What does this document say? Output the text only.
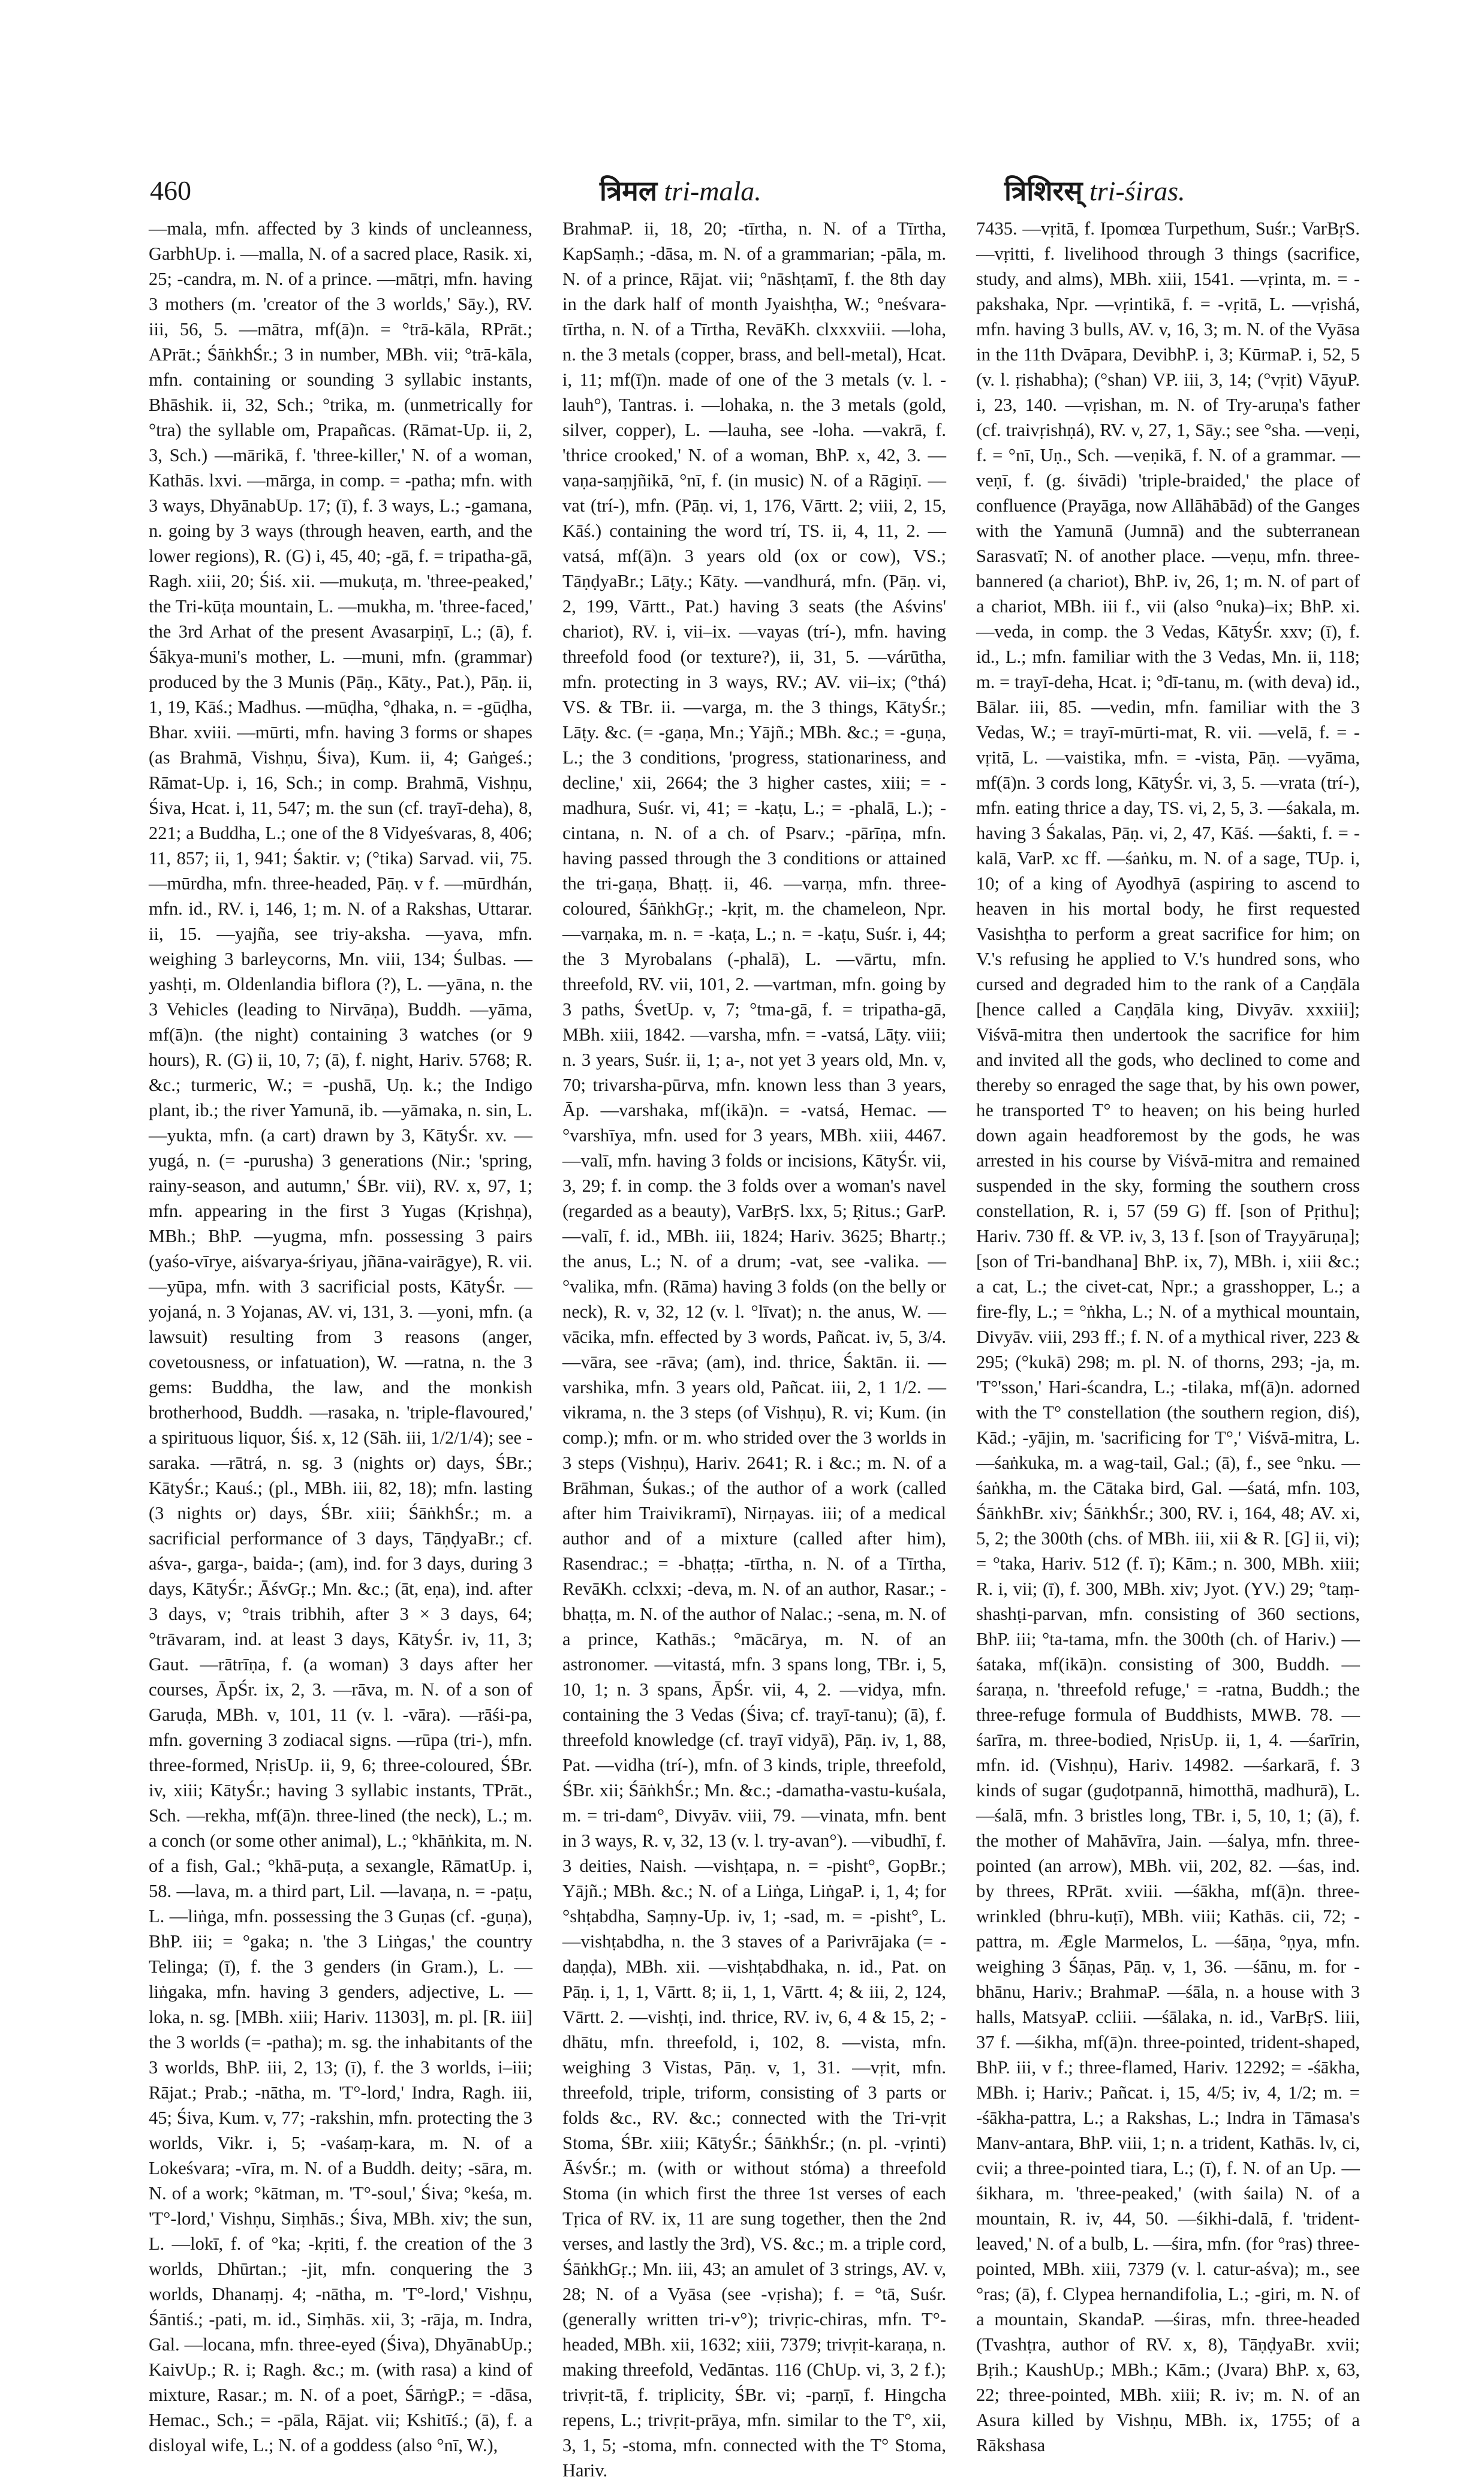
460	त्रिमल tri-mala.	त्रिशिरस् tri-śiras.

—mala, mfn. affected by 3 kinds of uncleanness, GarbhUp. i. —malla, N. of a sacred place, Rasik. xi, 25; -candra, m. N. of a prince. —mātṛi, mfn. having 3 mothers (m. 'creator of the 3 worlds,' Sāy.), RV. iii, 56, 5. —mātra, mf(ā)n. = °trā-kāla, RPrāt.; APrāt.; ŚāṅkhŚr.; 3 in number, MBh. vii; °trā-kāla, mfn. containing or sounding 3 syllabic instants, Bhāshik. ii, 32, Sch.; °trika, m. (unmetrically for °tra) the syllable om, Prapañcas. (Rāmat-Up. ii, 2, 3, Sch.) —mārikā, f. 'three-killer,' N. of a woman, Kathās. lxvi. —mārga, in comp. = -patha; mfn. with 3 ways, DhyānabUp. 17; (ī), f. 3 ways, L.; -gamana, n. going by 3 ways (through heaven, earth, and the lower regions), R. (G) i, 45, 40; -gā, f. = tripatha-gā, Ragh. xiii, 20; Śiś. xii. —mukuṭa, m. 'three-peaked,' the Tri-kūṭa mountain, L. —mukha, m. 'three-faced,' the 3rd Arhat of the present Avasarpiṇī, L.; (ā), f. Śākya-muni's mother, L. —muni, mfn. (grammar) produced by the 3 Munis (Pāṇ., Kāty., Pat.), Pāṇ. ii, 1, 19, Kāś.; Madhus. —mūḍha, °ḍhaka, n. = -gūḍha, Bhar. xviii. —mūrti, mfn. having 3 forms or shapes (as Brahmā, Vishṇu, Śiva), Kum. ii, 4; Gaṅgeś.; Rāmat-Up. i, 16, Sch.; in comp. Brahmā, Vishṇu, Śiva, Hcat. i, 11, 547; m. the sun (cf. trayī-deha), 8, 221; a Buddha, L.; one of the 8 Vidyeśvaras, 8, 406; 11, 857; ii, 1, 941; Śaktir. v; (°tika) Sarvad. vii, 75. —mūrdha, mfn. three-headed, Pāṇ. v f. —mūrdhán, mfn. id., RV. i, 146, 1; m. N. of a Rakshas, Uttarar. ii, 15. —yajña, see triy-aksha. —yava, mfn. weighing 3 barleycorns, Mn. viii, 134; Śulbas. —yashṭi, m. Oldenlandia biflora (?), L. —yāna, n. the 3 Vehicles (leading to Nirvāṇa), Buddh. —yāma, mf(ā)n. (the night) containing 3 watches (or 9 hours), R. (G) ii, 10, 7; (ā), f. night, Hariv. 5768; R. &c.; turmeric, W.; = -pushā, Uṇ. k.; the Indigo plant, ib.; the river Yamunā, ib. —yāmaka, n. sin, L. —yukta, mfn. (a cart) drawn by 3, KātyŚr. xv. —yugá, n. (= -purusha) 3 generations (Nir.; 'spring, rainy-season, and autumn,' ŚBr. vii), RV. x, 97, 1; mfn. appearing in the first 3 Yugas (Kṛishṇa), MBh.; BhP. —yugma, mfn. possessing 3 pairs (yaśo-vīrye, aiśvarya-śriyau, jñāna-vairāgye), R. vii. —yūpa, mfn. with 3 sacrificial posts, KātyŚr. —yojaná, n. 3 Yojanas, AV. vi, 131, 3. —yoni, mfn. (a lawsuit) resulting from 3 reasons (anger, covetousness, or infatuation), W. —ratna, n. the 3 gems: Buddha, the law, and the monkish brotherhood, Buddh. —rasaka, n. 'triple-flavoured,' a spirituous liquor, Śiś. x, 12 (Sāh. iii, 1/2/1/4); see -saraka. —rātrá, n. sg. 3 (nights or) days, ŚBr.; KātyŚr.; Kauś.; (pl., MBh. iii, 82, 18); mfn. lasting (3 nights or) days, ŚBr. xiii; ŚāṅkhŚr.; m. a sacrificial performance of 3 days, TāṇḍyaBr.; cf. aśva-, garga-, baida-; (am), ind. for 3 days, during 3 days, KātyŚr.; ĀśvGṛ.; Mn. &c.; (āt, eṇa), ind. after 3 days, v; °trais tribhih, after 3 × 3 days, 64; °trāvaram, ind. at least 3 days, KātyŚr. iv, 11, 3; Gaut. —rātrīṇa, f. (a woman) 3 days after her courses, ĀpŚr. ix, 2, 3. —rāva, m. N. of a son of Garuḍa, MBh. v, 101, 11 (v. l. -vāra). —rāśi-pa, mfn. governing 3 zodiacal signs. —rūpa (tri-), mfn. three-formed, NṛisUp. ii, 9, 6; three-coloured, ŚBr. iv, xiii; KātyŚr.; having 3 syllabic instants, TPrāt., Sch. —rekha, mf(ā)n. three-lined (the neck), L.; m. a conch (or some other animal), L.; °khāṅkita, m. N. of a fish, Gal.; °khā-puṭa, a sexangle, RāmatUp. i, 58. —lava, m. a third part, Lil. —lavaṇa, n. = -paṭu, L. —liṅga, mfn. possessing the 3 Guṇas (cf. -guṇa), BhP. iii; = °gaka; n. 'the 3 Liṅgas,' the country Telinga; (ī), f. the 3 genders (in Gram.), L. —liṅgaka, mfn. having 3 genders, adjective, L. —loka, n. sg. [MBh. xiii; Hariv. 11303], m. pl. [R. iii] the 3 worlds (= -patha); m. sg. the inhabitants of the 3 worlds, BhP. iii, 2, 13; (ī), f. the 3 worlds, i–iii; Rājat.; Prab.; -nātha, m. 'T°-lord,' Indra, Ragh. iii, 45; Śiva, Kum. v, 77; -rakshin, mfn. protecting the 3 worlds, Vikr. i, 5; -vaśaṃ-kara, m. N. of a Lokeśvara; -vīra, m. N. of a Buddh. deity; -sāra, m. N. of a work; °kātman, m. 'T°-soul,' Śiva; °keśa, m. 'T°-lord,' Vishṇu, Siṃhās.; Śiva, MBh. xiv; the sun, L. —lokī, f. of °ka; -kṛiti, f. the creation of the 3 worlds, Dhūrtan.; -jit, mfn. conquering the 3 worlds, Dhanaṃj. 4; -nātha, m. 'T°-lord,' Vishṇu, Śāntiś.; -pati, m. id., Siṃhās. xii, 3; -rāja, m. Indra, Gal. —locana, mfn. three-eyed (Śiva), DhyānabUp.; KaivUp.; R. i; Ragh. &c.; m. (with rasa) a kind of mixture, Rasar.; m. N. of a poet, ŚārṅgP.; = -dāsa, Hemac., Sch.; = -pāla, Rājat. vii; Kshitīś.; (ā), f. a disloyal wife, L.; N. of a goddess (also °nī, W.),

BrahmaP. ii, 18, 20; -tīrtha, n. N. of a Tīrtha, KapSaṃh.; -dāsa, m. N. of a grammarian; -pāla, m. N. of a prince, Rājat. vii; °nāshṭamī, f. the 8th day in the dark half of month Jyaishṭha, W.; °neśvara-tīrtha, n. N. of a Tīrtha, RevāKh. clxxxviii. —loha, n. the 3 metals (copper, brass, and bell-metal), Hcat. i, 11; mf(ī)n. made of one of the 3 metals (v. l. -lauh°), Tantras. i. —lohaka, n. the 3 metals (gold, silver, copper), L. —lauha, see -loha. —vakrā, f. 'thrice crooked,' N. of a woman, BhP. x, 42, 3. —vaṇa-saṃjñikā, °nī, f. (in music) N. of a Rāgiṇī. —vat (trí-), mfn. (Pāṇ. vi, 1, 176, Vārtt. 2; viii, 2, 15, Kāś.) containing the word trí, TS. ii, 4, 11, 2. —vatsá, mf(ā)n. 3 years old (ox or cow), VS.; TāṇḍyaBr.; Lāṭy.; Kāty. —vandhurá, mfn. (Pāṇ. vi, 2, 199, Vārtt., Pat.) having 3 seats (the Aśvins' chariot), RV. i, vii–ix. —vayas (trí-), mfn. having threefold food (or texture?), ii, 31, 5. —várūtha, mfn. protecting in 3 ways, RV.; AV. vii–ix; (°thá) VS. & TBr. ii. —varga, m. the 3 things, KātyŚr.; Lāṭy. &c. (= -gaṇa, Mn.; Yājñ.; MBh. &c.; = -guṇa, L.; the 3 conditions, 'progress, stationariness, and decline,' xii, 2664; the 3 higher castes, xiii; = -madhura, Suśr. vi, 41; = -kaṭu, L.; = -phalā, L.); -cintana, n. N. of a ch. of Psarv.; -pārīṇa, mfn. having passed through the 3 conditions or attained the tri-gaṇa, Bhaṭṭ. ii, 46. —varṇa, mfn. three-coloured, ŚāṅkhGṛ.; -kṛit, m. the chameleon, Npr. —varṇaka, m. n. = -kaṭa, L.; n. = -kaṭu, Suśr. i, 44; the 3 Myrobalans (-phalā), L. —vārtu, mfn. threefold, RV. vii, 101, 2. —vartman, mfn. going by 3 paths, ŚvetUp. v, 7; °tma-gā, f. = tripatha-gā, MBh. xiii, 1842. —varsha, mfn. = -vatsá, Lāṭy. viii; n. 3 years, Suśr. ii, 1; a-, not yet 3 years old, Mn. v, 70; trivarsha-pūrva, mfn. known less than 3 years, Āp. —varshaka, mf(ikā)n. = -vatsá, Hemac. —°varshīya, mfn. used for 3 years, MBh. xiii, 4467. —valī, mfn. having 3 folds or incisions, KātyŚr. vii, 3, 29; f. in comp. the 3 folds over a woman's navel (regarded as a beauty), VarBṛS. lxx, 5; Ṛitus.; GarP. —valī, f. id., MBh. iii, 1824; Hariv. 3625; Bhartṛ.; the anus, L.; N. of a drum; -vat, see -valika. —°valika, mfn. (Rāma) having 3 folds (on the belly or neck), R. v, 32, 12 (v. l. °līvat); n. the anus, W. —vācika, mfn. effected by 3 words, Pañcat. iv, 5, 3/4. —vāra, see -rāva; (am), ind. thrice, Śaktān. ii. —varshika, mfn. 3 years old, Pañcat. iii, 2, 1 1/2. —vikrama, n. the 3 steps (of Vishṇu), R. vi; Kum. (in comp.); mfn. or m. who strided over the 3 worlds in 3 steps (Vishṇu), Hariv. 2641; R. i &c.; m. N. of a Brāhman, Śukas.; of the author of a work (called after him Traivikramī), Nirṇayas. iii; of a medical author and of a mixture (called after him), Rasendrac.; = -bhaṭṭa; -tīrtha, n. N. of a Tīrtha, RevāKh. cclxxi; -deva, m. N. of an author, Rasar.; -bhaṭṭa, m. N. of the author of Nalac.; -sena, m. N. of a prince, Kathās.; °mācārya, m. N. of an astronomer. —vitastá, mfn. 3 spans long, TBr. i, 5, 10, 1; n. 3 spans, ĀpŚr. vii, 4, 2. —vidya, mfn. containing the 3 Vedas (Śiva; cf. trayī-tanu); (ā), f. threefold knowledge (cf. trayī vidyā), Pāṇ. iv, 1, 88, Pat. —vidha (trí-), mfn. of 3 kinds, triple, threefold, ŚBr. xii; ŚāṅkhŚr.; Mn. &c.; -damatha-vastu-kuśala, m. = tri-dam°, Divyāv. viii, 79. —vinata, mfn. bent in 3 ways, R. v, 32, 13 (v. l. try-avan°). —vibudhī, f. 3 deities, Naish. —vishṭapa, n. = -pisht°, GopBr.; Yājñ.; MBh. &c.; N. of a Liṅga, LiṅgaP. i, 1, 4; for °shṭabdha, Saṃny-Up. iv, 1; -sad, m. = -pisht°, L. —vishṭabdha, n. the 3 staves of a Parivrājaka (= -daṇḍa), MBh. xii. —vishṭabdhaka, n. id., Pat. on Pāṇ. i, 1, 1, Vārtt. 8; ii, 1, 1, Vārtt. 4; & iii, 2, 124, Vārtt. 2. —vishṭi, ind. thrice, RV. iv, 6, 4 & 15, 2; -dhātu, mfn. threefold, i, 102, 8. —vista, mfn. weighing 3 Vistas, Pāṇ. v, 1, 31. —vṛit, mfn. threefold, triple, triform, consisting of 3 parts or folds &c., RV. &c.; connected with the Tri-vṛit Stoma, ŚBr. xiii; KātyŚr.; ŚāṅkhŚr.; (n. pl. -vṛinti) ĀśvŚr.; m. (with or without stóma) a threefold Stoma (in which first the three 1st verses of each Tṛica of RV. ix, 11 are sung together, then the 2nd verses, and lastly the 3rd), VS. &c.; m. a triple cord, ŚāṅkhGṛ.; Mn. iii, 43; an amulet of 3 strings, AV. v, 28; N. of a Vyāsa (see -vṛisha); f. = °tā, Suśr. (generally written tri-v°); trivṛic-chiras, mfn. T°-headed, MBh. xii, 1632; xiii, 7379; trivṛit-karaṇa, n. making threefold, Vedāntas. 116 (ChUp. vi, 3, 2 f.); trivṛit-tā, f. triplicity, ŚBr. vi; -parṇī, f. Hingcha repens, L.; trivṛit-prāya, mfn. similar to the T°, xii, 3, 1, 5; -stoma, mfn. connected with the T° Stoma, Hariv.

7435. —vṛitā, f. Ipomœa Turpethum, Suśr.; VarBṛS. —vṛitti, f. livelihood through 3 things (sacrifice, study, and alms), MBh. xiii, 1541. —vṛinta, m. = -pakshaka, Npr. —vṛintikā, f. = -vṛitā, L. —vṛishá, mfn. having 3 bulls, AV. v, 16, 3; m. N. of the Vyāsa in the 11th Dvāpara, DevibhP. i, 3; KūrmaP. i, 52, 5 (v. l. ṛishabha); (°shan) VP. iii, 3, 14; (°vṛit) VāyuP. i, 23, 140. —vṛishan, m. N. of Try-aruṇa's father (cf. traivṛishṇá), RV. v, 27, 1, Sāy.; see °sha. —veṇi, f. = °nī, Uṇ., Sch. —veṇikā, f. N. of a grammar. —veṇī, f. (g. śivādi) 'triple-braided,' the place of confluence (Prayāga, now Allāhābād) of the Ganges with the Yamunā (Jumnā) and the subterranean Sarasvatī; N. of another place. —veṇu, mfn. three-bannered (a chariot), BhP. iv, 26, 1; m. N. of part of a chariot, MBh. iii f., vii (also °nuka)–ix; BhP. xi. —veda, in comp. the 3 Vedas, KātyŚr. xxv; (ī), f. id., L.; mfn. familiar with the 3 Vedas, Mn. ii, 118; m. = trayī-deha, Hcat. i; °dī-tanu, m. (with deva) id., Bālar. iii, 85. —vedin, mfn. familiar with the 3 Vedas, W.; = trayī-mūrti-mat, R. vii. —velā, f. = -vṛitā, L. —vaistika, mfn. = -vista, Pāṇ. —vyāma, mf(ā)n. 3 cords long, KātyŚr. vi, 3, 5. —vrata (trí-), mfn. eating thrice a day, TS. vi, 2, 5, 3. —śakala, m. having 3 Śakalas, Pāṇ. vi, 2, 47, Kāś. —śakti, f. = -kalā, VarP. xc ff. —śaṅku, m. N. of a sage, TUp. i, 10; of a king of Ayodhyā (aspiring to ascend to heaven in his mortal body, he first requested Vasishṭha to perform a great sacrifice for him; on V.'s refusing he applied to V.'s hundred sons, who cursed and degraded him to the rank of a Caṇḍāla [hence called a Caṇḍāla king, Divyāv. xxxiii]; Viśvā-mitra then undertook the sacrifice for him and invited all the gods, who declined to come and thereby so enraged the sage that, by his own power, he transported T° to heaven; on his being hurled down again headforemost by the gods, he was arrested in his course by Viśvā-mitra and remained suspended in the sky, forming the southern cross constellation, R. i, 57 (59 G) ff. [son of Pṛithu]; Hariv. 730 ff. & VP. iv, 3, 13 f. [son of Trayyāruṇa]; [son of Tri-bandhana] BhP. ix, 7), MBh. i, xiii &c.; a cat, L.; the civet-cat, Npr.; a grasshopper, L.; a fire-fly, L.; = °ṅkha, L.; N. of a mythical mountain, Divyāv. viii, 293 ff.; f. N. of a mythical river, 223 & 295; (°kukā) 298; m. pl. N. of thorns, 293; -ja, m. 'T°'sson,' Hari-ścandra, L.; -tilaka, mf(ā)n. adorned with the T° constellation (the southern region, diś), Kād.; -yājin, m. 'sacrificing for T°,' Viśvā-mitra, L. —śaṅkuka, m. a wag-tail, Gal.; (ā), f., see °nku. —śaṅkha, m. the Cātaka bird, Gal. —śatá, mfn. 103, ŚāṅkhBr. xiv; ŚāṅkhŚr.; 300, RV. i, 164, 48; AV. xi, 5, 2; the 300th (chs. of MBh. iii, xii & R. [G] ii, vi); = °taka, Hariv. 512 (f. ī); Kām.; n. 300, MBh. xiii; R. i, vii; (ī), f. 300, MBh. xiv; Jyot. (YV.) 29; °taṃ-shashṭi-parvan, mfn. consisting of 360 sections, BhP. iii; °ta-tama, mfn. the 300th (ch. of Hariv.) —śataka, mf(ikā)n. consisting of 300, Buddh. —śaraṇa, n. 'threefold refuge,' = -ratna, Buddh.; the three-refuge formula of Buddhists, MWB. 78. —śarīra, m. three-bodied, NṛisUp. ii, 1, 4. —śarīrin, mfn. id. (Vishṇu), Hariv. 14982. —śarkarā, f. 3 kinds of sugar (guḍotpannā, himotthā, madhurā), L. —śalā, mfn. 3 bristles long, TBr. i, 5, 10, 1; (ā), f. the mother of Mahāvīra, Jain. —śalya, mfn. three-pointed (an arrow), MBh. vii, 202, 82. —śas, ind. by threes, RPrāt. xviii. —śākha, mf(ā)n. three-wrinkled (bhru-kuṭī), MBh. viii; Kathās. cii, 72; -pattra, m. Ægle Marmelos, L. —śāṇa, °ṇya, mfn. weighing 3 Śāṇas, Pāṇ. v, 1, 36. —śānu, m. for -bhānu, Hariv.; BrahmaP. —śāla, n. a house with 3 halls, MatsyaP. ccliii. —śālaka, n. id., VarBṛS. liii, 37 f. —śikha, mf(ā)n. three-pointed, trident-shaped, BhP. iii, v f.; three-flamed, Hariv. 12292; = -śākha, MBh. i; Hariv.; Pañcat. i, 15, 4/5; iv, 4, 1/2; m. = -śākha-pattra, L.; a Rakshas, L.; Indra in Tāmasa's Manv-antara, BhP. viii, 1; n. a trident, Kathās. lv, ci, cvii; a three-pointed tiara, L.; (ī), f. N. of an Up. —śikhara, m. 'three-peaked,' (with śaila) N. of a mountain, R. iv, 44, 50. —śikhi-dalā, f. 'trident-leaved,' N. of a bulb, L. —śira, mfn. (for °ras) three-pointed, MBh. xiii, 7379 (v. l. catur-aśva); m., see °ras; (ā), f. Clypea hernandifolia, L.; -giri, m. N. of a mountain, SkandaP. —śiras, mfn. three-headed (Tvashṭra, author of RV. x, 8), TāṇḍyaBr. xvii; Bṛih.; KaushUp.; MBh.; Kām.; (Jvara) BhP. x, 63, 22; three-pointed, MBh. xiii; R. iv; m. N. of an Asura killed by Vishṇu, MBh. ix, 1755; of a Rākshasa
